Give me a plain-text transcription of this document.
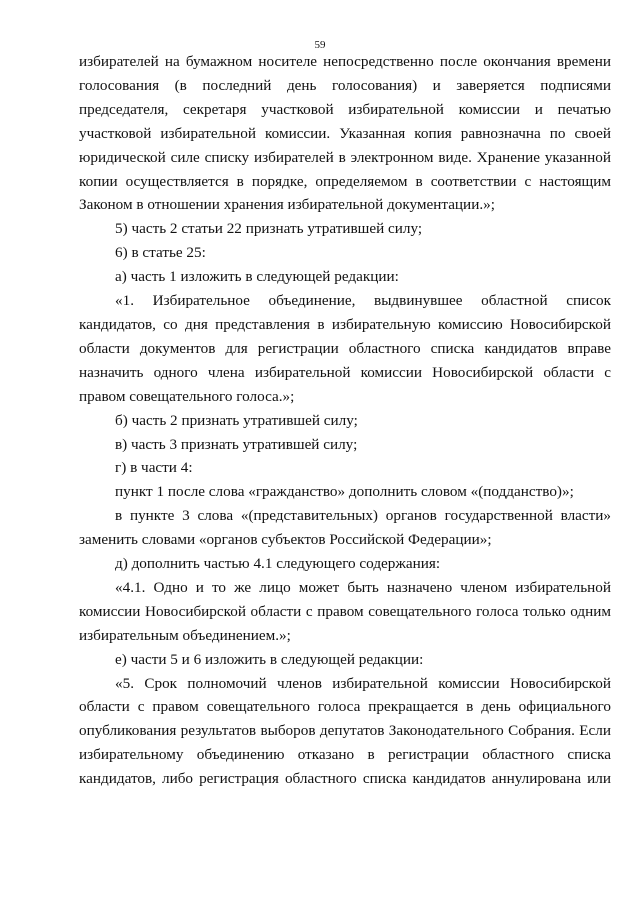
59
избирателей на бумажном носителе непосредственно после окончания времени
голосования (в последний день голосования) и заверяется подписями
председателя, секретаря участковой избирательной комиссии и печатью
участковой избирательной комиссии. Указанная копия равнозначна по своей
юридической силе списку избирателей в электронном виде. Хранение указанной
копии осуществляется в порядке, определяемом в соответствии с настоящим
Законом в отношении хранения избирательной документации.»;
5) часть 2 статьи 22 признать утратившей силу;
6) в статье 25:
а) часть 1 изложить в следующей редакции:
«1. Избирательное объединение, выдвинувшее областной список
кандидатов, со дня представления в избирательную комиссию Новосибирской
области документов для регистрации областного списка кандидатов вправе
назначить одного члена избирательной комиссии Новосибирской области с
правом совещательного голоса.»;
б) часть 2 признать утратившей силу;
в) часть 3 признать утратившей силу;
г) в части 4:
пункт 1 после слова «гражданство» дополнить словом «(подданство)»;
в пункте 3 слова «(представительных) органов государственной власти»
заменить словами «органов субъектов Российской Федерации»;
д) дополнить частью 4.1 следующего содержания:
«4.1. Одно и то же лицо может быть назначено членом избирательной
комиссии Новосибирской области с правом совещательного голоса только одним
избирательным объединением.»;
е) части 5 и 6 изложить в следующей редакции:
«5. Срок полномочий членов избирательной комиссии Новосибирской
области с правом совещательного голоса прекращается в день официального
опубликования результатов выборов депутатов Законодательного Собрания. Если
избирательному объединению отказано в регистрации областного списка
кандидатов, либо регистрация областного списка кандидатов аннулирована или
